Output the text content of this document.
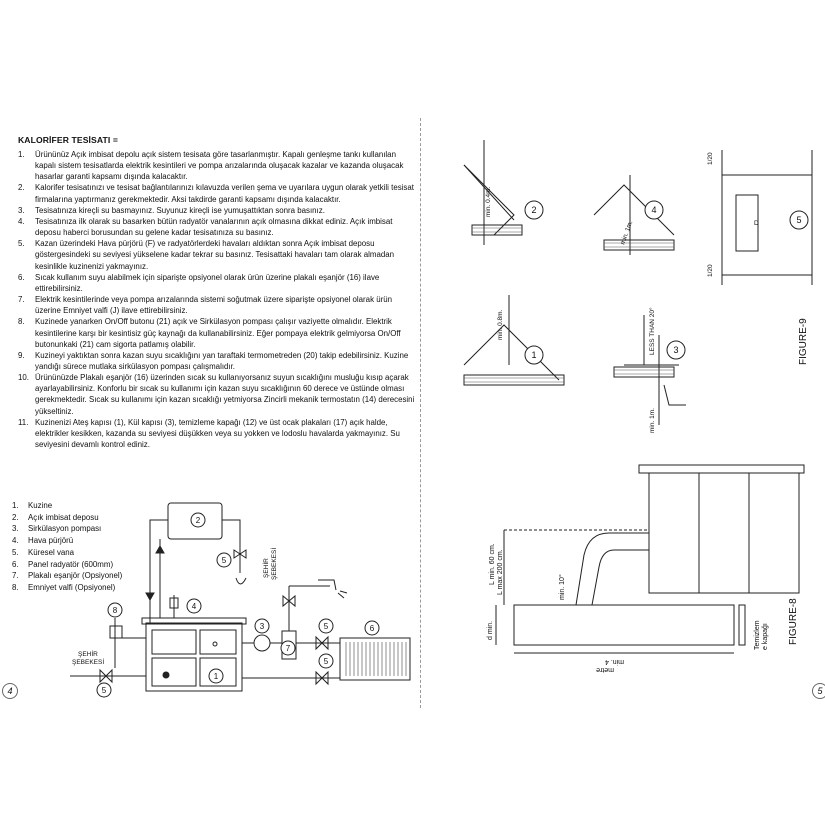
KALORİFER TESİSATI =
1. Ürününüz Açık imbisat depolu açık sistem tesisata göre tasarlanmıştır. Kapalı genleşme tankı kullanılan kapalı sistem tesisatlarda elektrik kesintileri ve pompa arızalarında oluşacak kazalar ve kazanda oluşacak hasarlar garanti kapsamı dışında kalacaktır.
2. Kalorifer tesisatınızı ve tesisat bağlantılarınızı kılavuzda verilen şema ve uyarılara uygun olarak yetkili tesisat firmalarına yaptırmanız gerekmektedir. Aksi takdirde garanti kapsamı dışında kalacaktır.
3. Tesisatınıza kireçli su basmayınız. Suyunuz kireçli ise yumuşattıktan sonra basınız.
4. Tesisatınıza ilk olarak su basarken bütün radyatör vanalarının açık olmasına dikkat ediniz. Açık imbisat deposu haberci borusundan su gelene kadar tesisatınıza su basınız.
5. Kazan üzerindeki Hava pürjörü (F) ve radyatörlerdeki havaları aldıktan sonra Açık imbisat deposu göstergesindeki su seviyesi yükselene kadar tekrar su basınız. Tesisattaki havaları tam olarak almadan kesinlikle kuzinenizi yakmayınız.
6. Sıcak kullanım suyu alabilmek için siparişte opsiyonel olarak ürün üzerine plakalı eşanjör (16) ilave ettirebilirsiniz.
7. Elektrik kesintilerinde veya pompa arızalarında sistemi soğutmak üzere siparişte opsiyonel olarak ürün üzerine Emniyet valfi (J) ilave ettirebilirsiniz.
8. Kuzinede yanarken On/Off butonu (21) açık ve Sirkülasyon pompası çalışır vaziyette olmalıdır. Elektrik kesintilerine karşı bir kesintisiz güç kaynağı da kullanabilirsiniz. Eğer pompaya elektrik gelmiyorsa On/Off butonunkaki (21) cam sigorta patlamış olabilir.
9. Kuzineyi yaktıktan sonra kazan suyu sıcaklığını yan taraftaki termometreden (20) takip edebilirsiniz. Kuzine yandığı sürece mutlaka sirkülasyon pompası çalışmalıdır.
10. Ürününüzde Plakalı eşanjör (16) üzerinden sıcak su kullanıyorsanız suyun sıcaklığını musluğu kısıp açarak ayarlayabilirsiniz. Konforlu bir sıcak su kullanımı için kazan suyu sıcaklığının 60 derece ve üstünde olması gerekmektedir. Sıcak su kullanımı için kazan sıcaklığı yetmiyorsa Zincirli mekanik termostatın (14) derecesini yükseltiniz.
11. Kuzinenizi Ateş kapısı (1), Kül kapısı (3), temizleme kapağı (12) ve üst ocak plakaları (17) açık halde, elektrikler kesikken, kazanda su seviyesi düşükken veya su yokken ve lodoslu havalarda yakmayınız. Su seviyesini devamlı kontrol ediniz.
1. Kuzine
2. Açık imbisat deposu
3. Sirkülasyon pompası
4. Hava pürjörü
5. Küresel vana
6. Panel radyatör (600mm)
7. Plakalı eşanjör (Opsiyonel)
8. Emniyet valfi (Opsiyonel)
1
2
3
4
5
5
5
5
6
7
8
ŞEHİR
ŞEBEKESİ
ŞEHİR ŞEBEKESİ
4
2	4
1	3
5
min. 0.4m.
min. 1m.
min. 0.8m.	LESS THAN 20°
min. 1m.
1/20
1/20
D
FIGURE-9
L min. 60 cm. L max 200 cm.	min. 10°
d min.
min. 4
metre
Temizlem e kapağı FIGURE-8
5
